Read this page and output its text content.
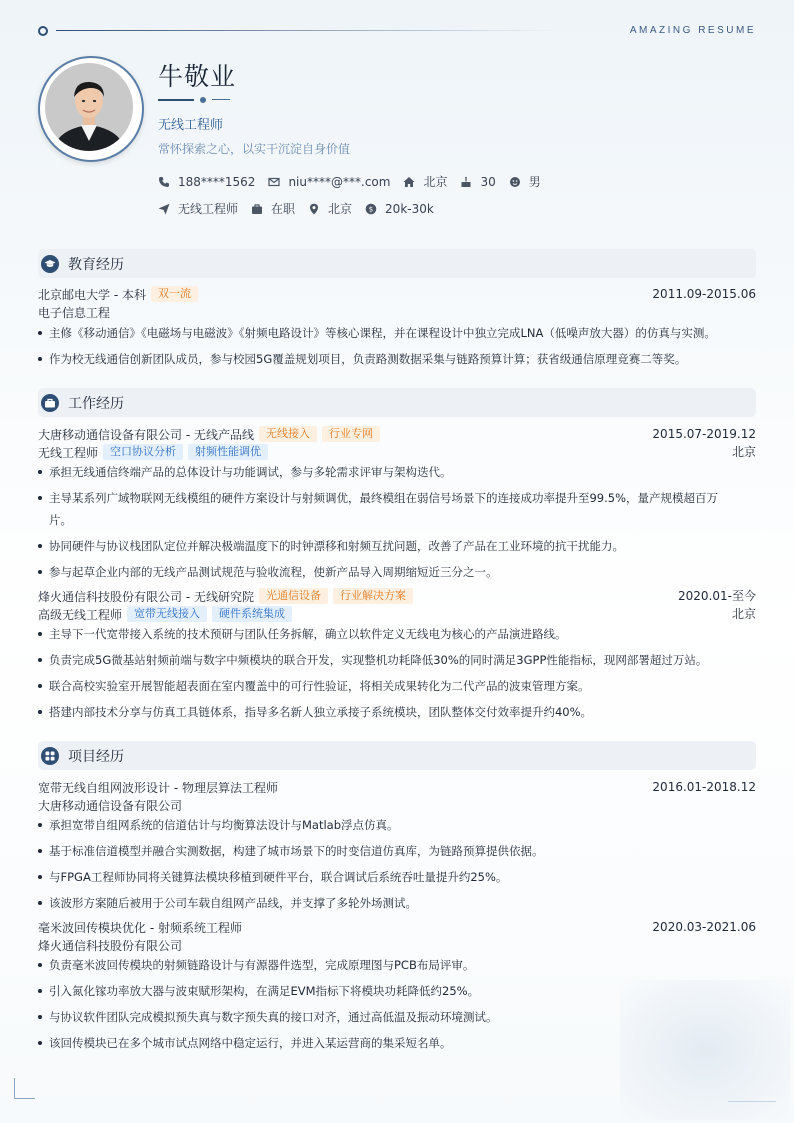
AMAZING RESUME
牛敬业
无线工程师
常怀探索之心，以实干沉淀自身价值
188****1562	niu****@***.com	北京	30	男
无线工程师	在职	北京 $ 20k-30k
教育经历
北京邮电大学 - 本科	双一流	2011.09-2015.06
电子信息工程
主修《移动通信》《电磁场与电磁波》《射频电路设计》等核心课程，并在课程设计中独立完成LNA（低噪声放大器）的仿真与实测。
作为校无线通信创新团队成员，参与校园5G覆盖规划项目，负责路测数据采集与链路预算计算；获省级通信原理竞赛二等奖。
工作经历
大唐移动通信设备有限公司 - 无线产品线	无线接入	行业专网	2015.07-2019.12
无线工程师	空口协议分析	射频性能调优	北京
承担无线通信终端产品的总体设计与功能调试，参与多轮需求评审与架构迭代。
主导某系列广域物联网无线模组的硬件方案设计与射频调优，最终模组在弱信号场景下的连接成功率提升至99.5%，量产规模超百万
片。
协同硬件与协议栈团队定位并解决极端温度下的时钟漂移和射频互扰问题，改善了产品在工业环境的抗干扰能力。
参与起草企业内部的无线产品测试规范与验收流程，使新产品导入周期缩短近三分之一。
烽火通信科技股份有限公司 - 无线研究院	光通信设备	行业解决方案	2020.01-至今
高级无线工程师	宽带无线接入	硬件系统集成	北京
主导下一代宽带接入系统的技术预研与团队任务拆解，确立以软件定义无线电为核心的产品演进路线。
负责完成5G微基站射频前端与数字中频模块的联合开发，实现整机功耗降低30%的同时满足3GPP性能指标，现网部署超过万站。
联合高校实验室开展智能超表面在室内覆盖中的可行性验证，将相关成果转化为二代产品的波束管理方案。
搭建内部技术分享与仿真工具链体系，指导多名新人独立承接子系统模块，团队整体交付效率提升约40%。
项目经历
宽带无线自组网波形设计 - 物理层算法工程师	2016.01-2018.12
大唐移动通信设备有限公司
承担宽带自组网系统的信道估计与均衡算法设计与Matlab浮点仿真。
基于标准信道模型并融合实测数据，构建了城市场景下的时变信道仿真库，为链路预算提供依据。
与FPGA工程师协同将关键算法模块移植到硬件平台，联合调试后系统吞吐量提升约25%。
该波形方案随后被用于公司车载自组网产品线，并支撑了多轮外场测试。
毫米波回传模块优化 - 射频系统工程师	2020.03-2021.06
烽火通信科技股份有限公司
负责毫米波回传模块的射频链路设计与有源器件选型，完成原理图与PCB布局评审。
引入氮化镓功率放大器与波束赋形架构，在满足EVM指标下将模块功耗降低约25%。
与协议软件团队完成模拟预失真与数字预失真的接口对齐，通过高低温及振动环境测试。
该回传模块已在多个城市试点网络中稳定运行，并进入某运营商的集采短名单。
